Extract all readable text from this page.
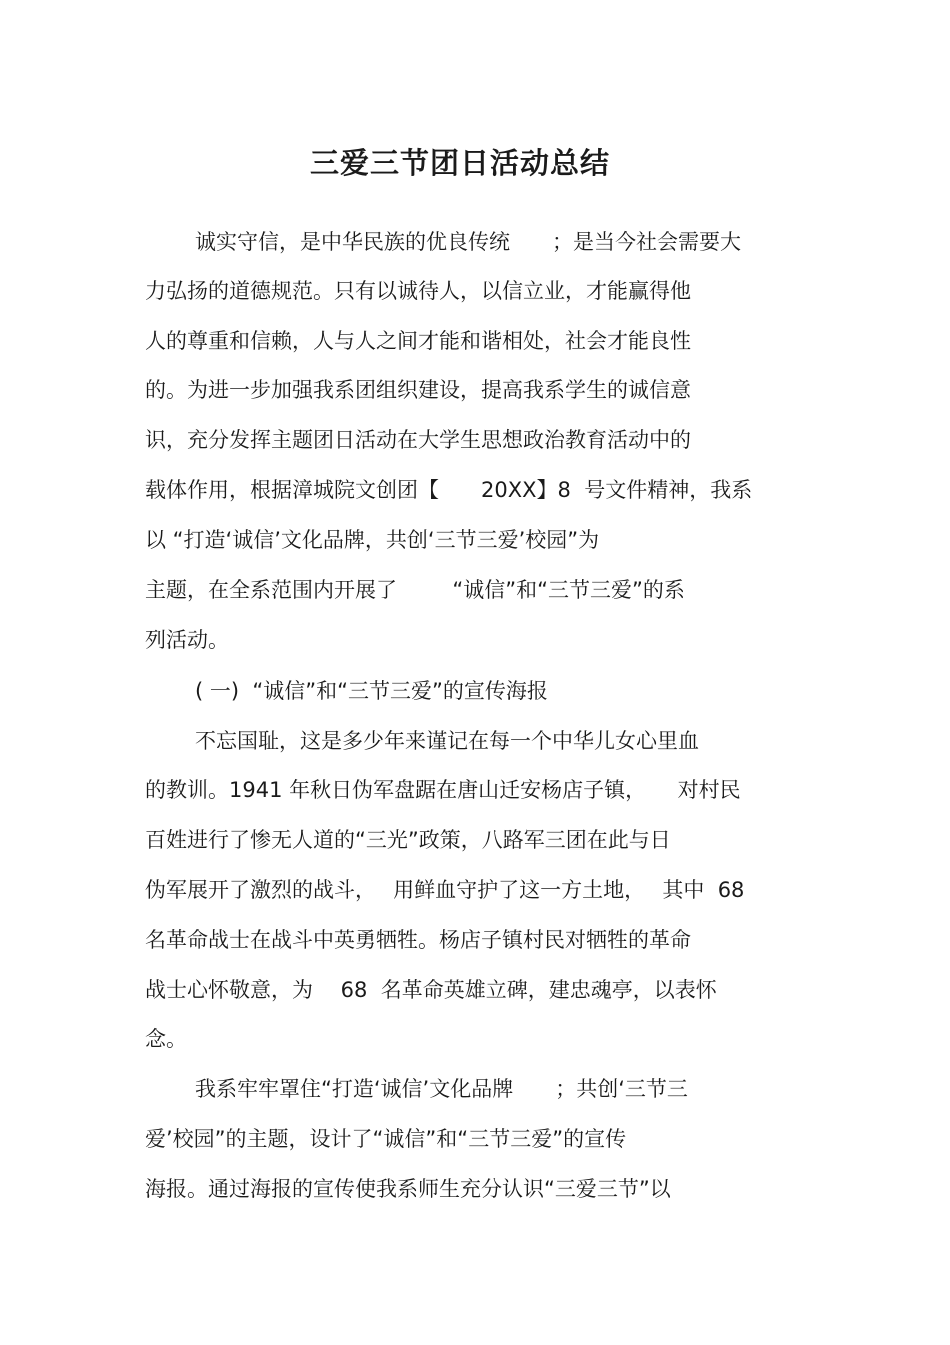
三爱三节团日活动总结

诚实守信，是中华民族的优良传统　　；是当今社会需要大

力弘扬的道德规范。只有以诚待人，以信立业，才能赢得他

人的尊重和信赖，人与人之间才能和谐相处，社会才能良性

的。为进一步加强我系团组织建设，提高我系学生的诚信意

识，充分发挥主题团日活动在大学生思想政治教育活动中的

载体作用，根据漳城院文创团【　　20XX】8  号文件精神，我系

以 “打造‘诚信’文化品牌，共创‘三节三爱’校园”为

主题，在全系范围内开展了　　  “诚信”和“三节三爱”的系

列活动。

( 一)  “诚信”和“三节三爱”的宣传海报

不忘国耻，这是多少年来谨记在每一个中华儿女心里血

的教训。1941 年秋日伪军盘踞在唐山迁安杨店子镇，　　对村民

百姓进行了惨无人道的“三光”政策，八路军三团在此与日

伪军展开了激烈的战斗，　 用鲜血守护了这一方土地，　 其中  68

名革命战士在战斗中英勇牺牲。杨店子镇村民对牺牲的革命

战士心怀敬意，为　 68  名革命英雄立碑，建忠魂亭，以表怀

念。

我系牢牢罩住“打造‘诚信’文化品牌　　；共创‘三节三

爱’校园”的主题，设计了“诚信”和“三节三爱”的宣传

海报。通过海报的宣传使我系师生充分认识“三爱三节”以
